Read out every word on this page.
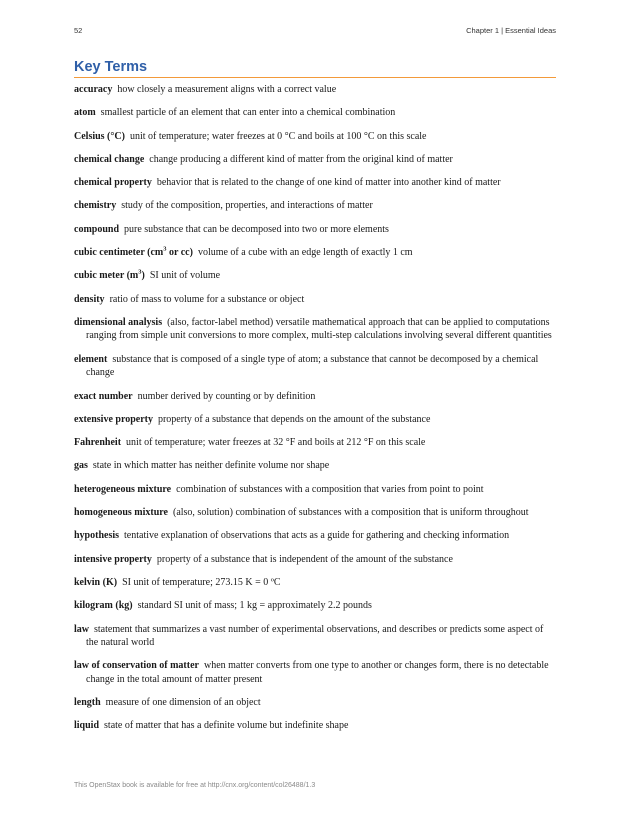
52	Chapter 1 | Essential Ideas
Key Terms

accuracy how closely a measurement aligns with a correct value

atom smallest particle of an element that can enter into a chemical combination

Celsius (°C) unit of temperature; water freezes at 0 °C and boils at 100 °C on this scale

chemical change change producing a different kind of matter from the original kind of matter

chemical property behavior that is related to the change of one kind of matter into another kind of matter

chemistry study of the composition, properties, and interactions of matter

compound pure substance that can be decomposed into two or more elements

cubic centimeter ($cm^3$ or cc) volume of a cube with an edge length of exactly 1 cm

cubic meter $(m^3)$ SI unit of volume

density ratio of mass to volume for a substance or object

dimensional analysis (also, factor-label method) versatile mathematical approach that can be applied to computations ranging from simple unit conversions to more complex, multi-step calculations involving several different quantities

element substance that is composed of a single type of atom; a substance that cannot be decomposed by a chemical change

exact number number derived by counting or by definition

extensive property property of a substance that depends on the amount of the substance

Fahrenheit unit of temperature; water freezes at 32 °F and boils at 212 °F on this scale

gas state in which matter has neither definite volume nor shape

heterogeneous mixture combination of substances with a composition that varies from point to point

homogeneous mixture (also, solution) combination of substances with a composition that is uniform throughout

hypothesis tentative explanation of observations that acts as a guide for gathering and checking information

intensive property property of a substance that is independent of the amount of the substance

kelvin (K) SI unit of temperature; 273.15 K = 0 ºC

kilogram (kg) standard SI unit of mass; 1 kg = approximately 2.2 pounds

law statement that summarizes a vast number of experimental observations, and describes or predicts some aspect of the natural world

law of conservation of matter when matter converts from one type to another or changes form, there is no detectable change in the total amount of matter present

length measure of one dimension of an object

liquid state of matter that has a definite volume but indefinite shape

This OpenStax book is available for free at http://cnx.org/content/col26488/1.3
